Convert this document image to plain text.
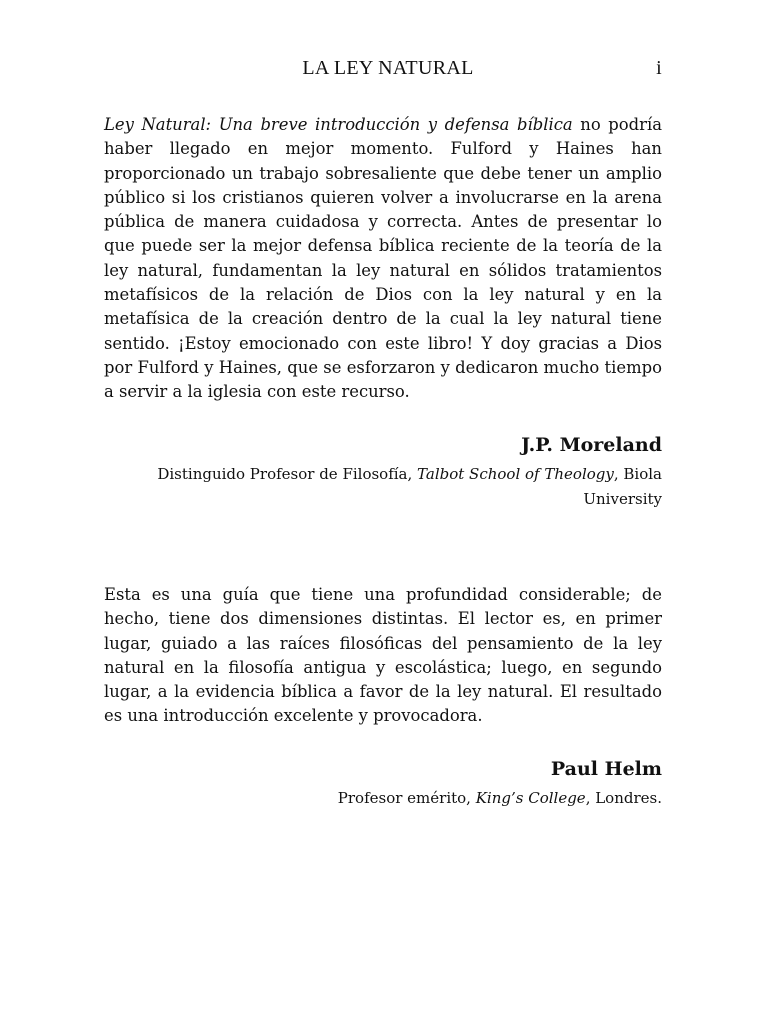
LA LEY NATURAL	i

Ley Natural: Una breve introducción y defensa bíblica no podría haber llegado en mejor momento. Fulford y Haines han proporcionado un trabajo sobresaliente que debe tener un amplio público si los cristianos quieren volver a involucrarse en la arena pública de manera cuidadosa y correcta. Antes de presentar lo que puede ser la mejor defensa bíblica reciente de la teoría de la ley natural, fundamentan la ley natural en sólidos tratamientos metafísicos de la relación de Dios con la ley natural y en la metafísica de la creación dentro de la cual la ley natural tiene sentido. ¡Estoy emocionado con este libro! Y doy gracias a Dios por Fulford y Haines, que se esforzaron y dedicaron mucho tiempo a servir a la iglesia con este recurso.

J.P. Moreland
Distinguido Profesor de Filosofía, Talbot School of Theology, Biola University

Esta es una guía que tiene una profundidad considerable; de hecho, tiene dos dimensiones distintas. El lector es, en primer lugar, guiado a las raíces filosóficas del pensamiento de la ley natural en la filosofía antigua y escolástica; luego, en segundo lugar, a la evidencia bíblica a favor de la ley natural. El resultado es una introducción excelente y provocadora.

Paul Helm
Profesor emérito, King’s College, Londres.
